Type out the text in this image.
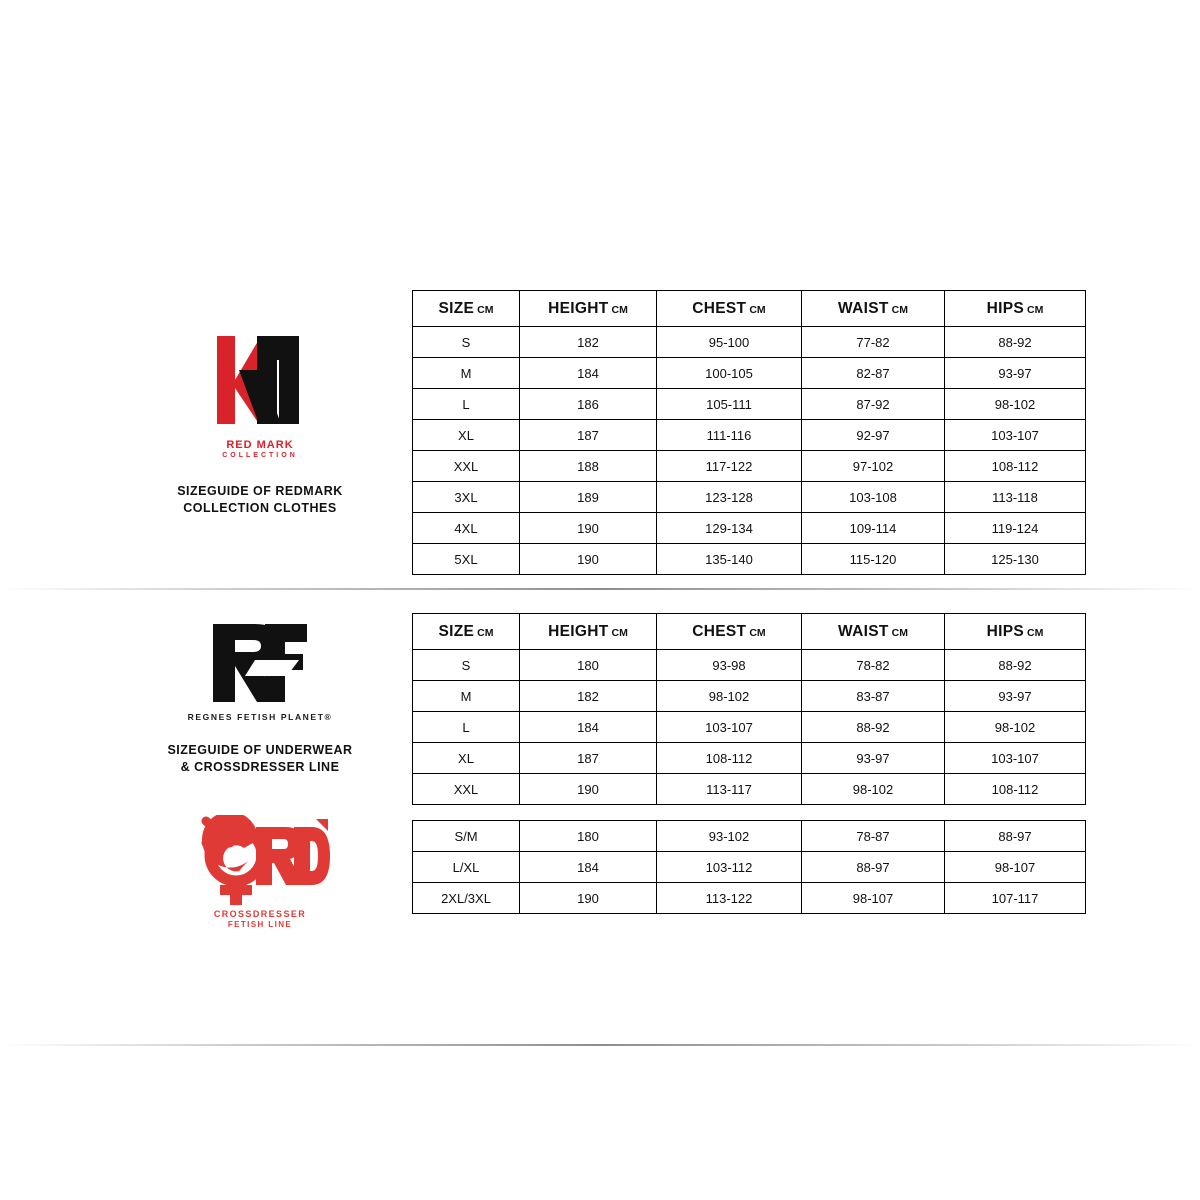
RED MARK
COLLECTION
SIZEGUIDE OF REDMARK
COLLECTION CLOTHES
SIZE CM	HEIGHT CM	CHEST CM	WAIST CM	HIPS CM
S	182	95-100	77-82	88-92
M	184	100-105	82-87	93-97
L	186	105-111	87-92	98-102
XL	187	111-116	92-97	103-107
XXL	188	117-122	97-102	108-112
3XL	189	123-128	103-108	113-118
4XL	190	129-134	109-114	119-124
5XL	190	135-140	115-120	125-130
REGNES FETISH PLANET®
SIZEGUIDE OF UNDERWEAR
& CROSSDRESSER LINE
CROSSDRESSER
FETISH LINE
SIZE CM	HEIGHT CM	CHEST CM	WAIST CM	HIPS CM
S	180	93-98	78-82	88-92
M	182	98-102	83-87	93-97
L	184	103-107	88-92	98-102
XL	187	108-112	93-97	103-107
XXL	190	113-117	98-102	108-112
S/M	180	93-102	78-87	88-97
L/XL	184	103-112	88-97	98-107
2XL/3XL	190	113-122	98-107	107-117
